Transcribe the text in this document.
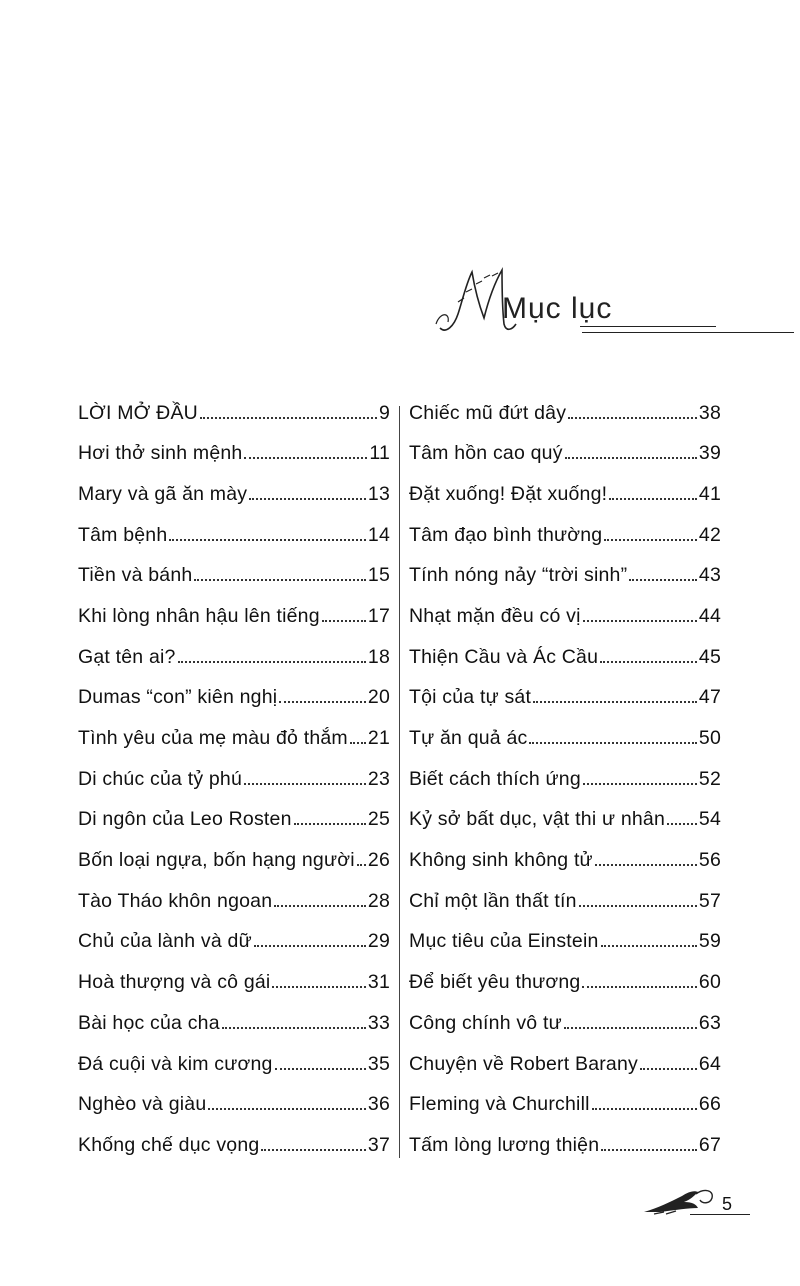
Mục lục
LỜI MỞ ĐẦU	9
Hơi thở sinh mệnh	11
Mary và gã ăn mày	13
Tâm bệnh	14
Tiền và bánh	15
Khi lòng nhân hậu lên tiếng 17
Gạt tên ai?	18
Dumas “con” kiên nghị	20
Tình yêu của mẹ màu đỏ thắm 21
Di chúc của tỷ phú	23
Di ngôn của Leo Rosten	25
Bốn loại ngựa, bốn hạng người 26
Tào Tháo khôn ngoan	28
Chủ của lành và dữ	29
Hoà thượng và cô gái	31
Bài học của cha	33
Đá cuội và kim cương	35
Nghèo và giàu	36
Khống chế dục vọng	37
Chiếc mũ đứt dây	38
Tâm hồn cao quý	39
Đặt xuống! Đặt xuống!	41
Tâm đạo bình thường	42
Tính nóng nảy “trời sinh”	43
Nhạt mặn đều có vị	44
Thiện Cầu và Ác Cầu	45
Tội của tự sát	47
Tự ăn quả ác	50
Biết cách thích ứng	52
Kỷ sở bất dục, vật thi ư nhân 54
Không sinh không tử	56
Chỉ một lần thất tín	57
Mục tiêu của Einstein	59
Để biết yêu thương	60
Công chính vô tư	63
Chuyện về Robert Barany	64
Fleming và Churchill	66
Tấm lòng lương thiện	67
5
